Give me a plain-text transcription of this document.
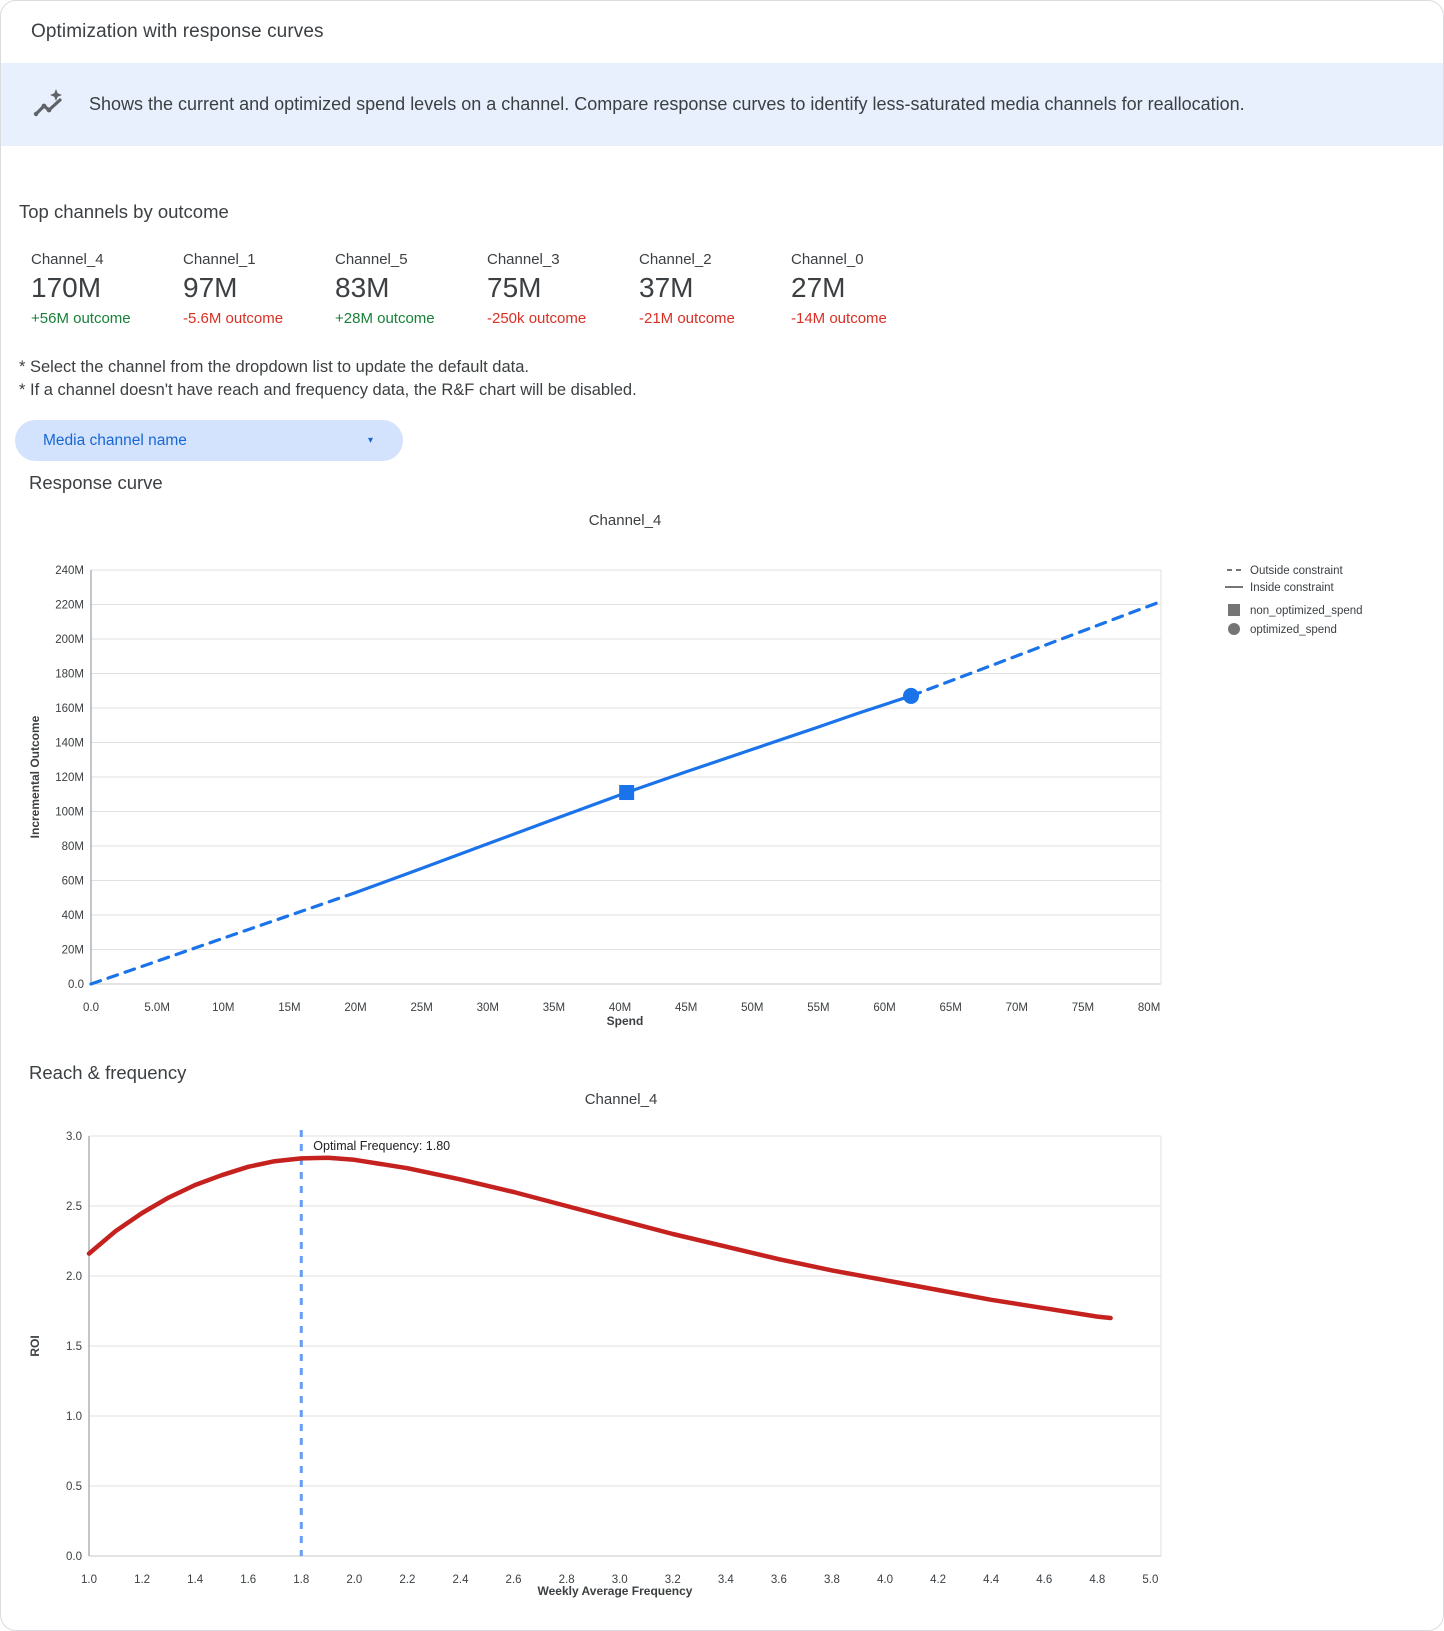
Optimization with response curves
Shows the current and optimized spend levels on a channel. Compare response curves to identify less-saturated media channels for reallocation.
Top channels by outcome
Channel_4
170M
+56M outcome
Channel_1
97M
-5.6M outcome
Channel_5
83M
+28M outcome
Channel_3
75M
-250k outcome
Channel_2
37M
-21M outcome
Channel_0
27M
-14M outcome
* Select the channel from the dropdown list to update the default data.
* If a channel doesn't have reach and frequency data, the R&F chart will be disabled.
Media channel name	▾
Response curve
Channel_4
0.0
20M
40M
60M
80M
100M
120M
140M
160M
180M
200M
220M
240M
0.0	5.0M	10M	15M	20M	25M	30M	35M	40M	45M	50M	55M	60M	65M	70M	75M	80M
Spend
Incremental Outcome
Outside constraint
Inside constraint
non_optimized_spend
optimized_spend
Reach & frequency
Channel_4
0.0
0.5
1.0
1.5
2.0
2.5
3.0
1.0	1.2	1.4	1.6	1.8	2.0	2.2	2.4	2.6	2.8	3.0	3.2	3.4	3.6	3.8	4.0	4.2	4.4	4.6	4.8	5.0
Weekly Average Frequency
ROI
Optimal Frequency: 1.80
